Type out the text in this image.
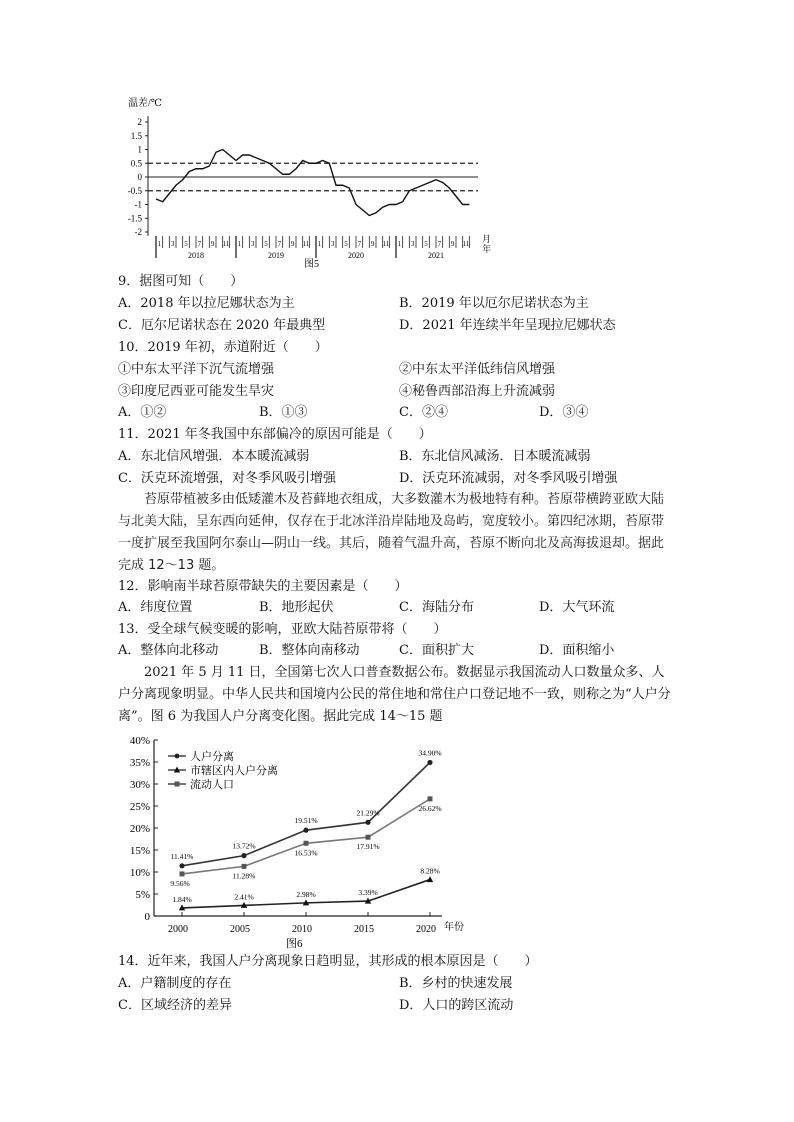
温差/℃
2
1.5
1
0.5
0
-0.5
-1
-1.5
-2
1 3 5 7 9 11 1 3 5 7 9 11 1 3 5 7 9 11 1 3 5 7 9 11
2018	2019	2020	2021
月
年
图5
9．据图可知（　　）
A．2018 年以拉尼娜状态为主	B．2019 年以厄尔尼诺状态为主
C．厄尔尼诺状态在 2020 年最典型	D．2021 年连续半年呈现拉尼娜状态
10．2019 年初，赤道附近（　　）
①中东太平洋下沉气流增强	②中东太平洋低纬信风增强
③印度尼西亚可能发生旱灾	④秘鲁西部沿海上升流减弱
A．①②	B．①③	C．②④	D．③④
11．2021 年冬我国中东部偏冷的原因可能是（　　）
A．东北信风增强．本本暖流减弱	B．东北信风减汤．日本暖流减弱
C．沃克环流增强，对冬季风吸引增强	D．沃克环流减弱，对冬季风吸引增强
苔原带植被多由低矮灌木及苔藓地衣组成，大多数灌木为极地特有种。苔原带横跨亚欧大陆与北美大陆，呈东西向延伸，仅存在于北冰洋沿岸陆地及岛屿，宽度较小。第四纪冰期，苔原带一度扩展至我国阿尔泰山—阴山一线。其后，随着气温升高，苔原不断向北及高海拔退却。据此完成 12～13 题。
12．影响南半球苔原带缺失的主要因素是（　　）
A．纬度位置	B．地形起伏	C．海陆分布	D．大气环流
13．受全球气候变暖的影响，亚欧大陆苔原带将（　　）
A．整体向北移动	B．整体向南移动	C．面积扩大	D．面积缩小
2021 年 5 月 11 日，全国第七次人口普查数据公布。数据显示我国流动人口数量众多、人户分离现象明显。中华人民共和国境内公民的常住地和常住户口登记地不一致，则称之为“人户分离”。图 6 为我国人户分离变化图。据此完成 14～15 题
0
5%
10%
15%
20%
25%
30%
35%
40%
2000	2005	2010	2015	2020
11.41%
13.72%
19.51%
21.29%
34.90%
1.84%	2.41%	2.98%	3.39%
8.28%
9.56%
11.28%
16.53%
17.91%
26.62%
人户分离
市辖区内人户分离
流动人口
年份
图6
14．近年来，我国人户分离现象日趋明显，其形成的根本原因是（　　）
A．户籍制度的存在	B．乡村的快速发展
C．区域经济的差异	D．人口的跨区流动
